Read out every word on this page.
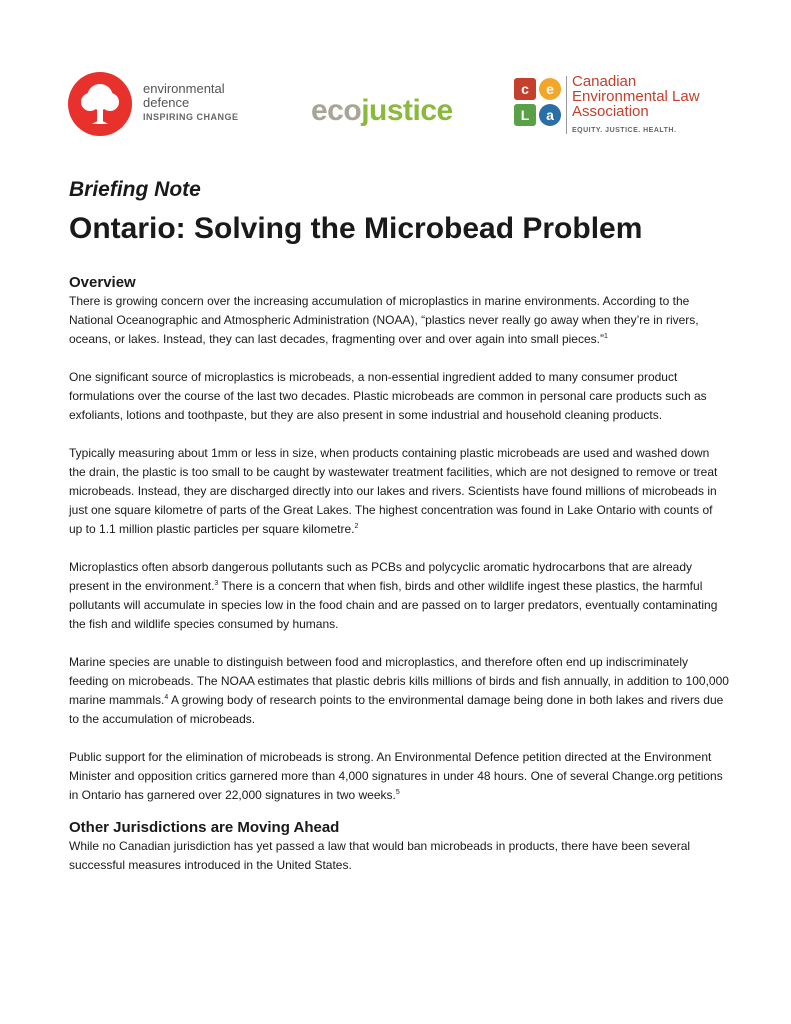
environmental
defence
INSPIRING CHANGE ecojustice
c	e
L	a
Canadian
Environmental Law
Association
EQUITY. JUSTICE. HEALTH.
Briefing Note
Ontario: Solving the Microbead Problem
Overview

There is growing concern over the increasing accumulation of microplastics in marine environments. According to the National Oceanographic and Atmospheric Administration (NOAA), “plastics never really go away when they’re in rivers, oceans, or lakes. Instead, they can last decades, fragmenting over and over again into small pieces.”$^1$

One significant source of microplastics is microbeads, a non-essential ingredient added to many consumer product formulations over the course of the last two decades. Plastic microbeads are common in personal care products such as exfoliants, lotions and toothpaste, but they are also present in some industrial and household cleaning products.

Typically measuring about 1mm or less in size, when products containing plastic microbeads are used and washed down the drain, the plastic is too small to be caught by wastewater treatment facilities, which are not designed to remove or treat microbeads. Instead, they are discharged directly into our lakes and rivers. Scientists have found millions of microbeads in just one square kilometre of parts of the Great Lakes. The highest concentration was found in Lake Ontario with counts of up to 1.1 million plastic particles per square kilometre.$^2$

Microplastics often absorb dangerous pollutants such as PCBs and polycyclic aromatic hydrocarbons that are already present in the environment.$^3$ There is a concern that when fish, birds and other wildlife ingest these plastics, the harmful pollutants will accumulate in species low in the food chain and are passed on to larger predators, eventually contaminating the fish and wildlife species consumed by humans.

Marine species are unable to distinguish between food and microplastics, and therefore often end up indiscriminately feeding on microbeads. The NOAA estimates that plastic debris kills millions of birds and fish annually, in addition to 100,000 marine mammals.$^4$ A growing body of research points to the environmental damage being done in both lakes and rivers due to the accumulation of microbeads.

Public support for the elimination of microbeads is strong. An Environmental Defence petition directed at the Environment Minister and opposition critics garnered more than 4,000 signatures in under 48 hours. One of several Change.org petitions in Ontario has garnered over 22,000 signatures in two weeks.$^5$

Other Jurisdictions are Moving Ahead

While no Canadian jurisdiction has yet passed a law that would ban microbeads in products, there have been several successful measures introduced in the United States.
